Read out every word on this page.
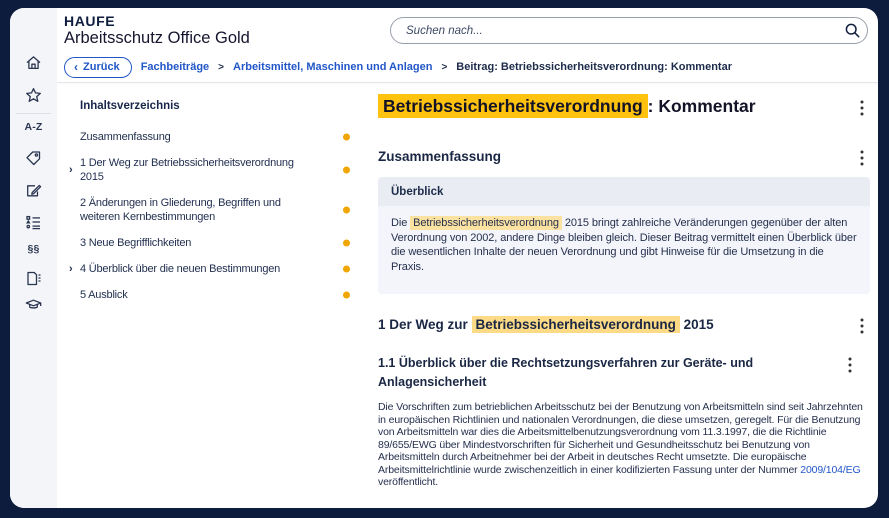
A-Z
§§
HAUFE
Arbeitsschutz Office Gold
Suchen nach...
‹ Zurück Fachbeiträge > Arbeitsmittel, Maschinen und Anlagen > Beitrag: Betriebssicherheitsverordnung: Kommentar
Inhaltsverzeichnis
Zusammenfassung
›
1 Der Weg zur Betriebssicherheitsverordnung 2015
2 Änderungen in Gliederung, Begriffen und weiteren Kernbestimmungen
3 Neue Begrifflichkeiten
› 4 Überblick über die neuen Bestimmungen
5 Ausblick
Betriebssicherheitsverordnung : Kommentar
Zusammenfassung
Überblick
Die Betriebssicherheitsverordnung 2015 bringt zahlreiche Veränderungen gegenüber der alten Verordnung von 2002, andere Dinge bleiben gleich. Dieser Beitrag vermittelt einen Überblick über die wesentlichen Inhalte der neuen Verordnung und gibt Hinweise für die Umsetzung in die Praxis.
1 Der Weg zur Betriebssicherheitsverordnung 2015
1.1 Überblick über die Rechtsetzungsverfahren zur Geräte- und Anlagensicherheit

Die Vorschriften zum betrieblichen Arbeitsschutz bei der Benutzung von Arbeitsmitteln sind seit Jahrzehnten in europäischen Richtlinien und nationalen Verordnungen, die diese umsetzen, geregelt. Für die Benutzung von Arbeitsmitteln war dies die Arbeitsmittelbenutzungsverordnung vom 11.3.1997, die die Richtlinie 89/655/EWG über Mindestvorschriften für Sicherheit und Gesundheitsschutz bei Benutzung von Arbeitsmitteln durch Arbeitnehmer bei der Arbeit in deutsches Recht umsetzte. Die europäische Arbeitsmittelrichtlinie wurde zwischenzeitlich in einer kodifizierten Fassung unter der Nummer 2009/104/EG veröffentlicht.
